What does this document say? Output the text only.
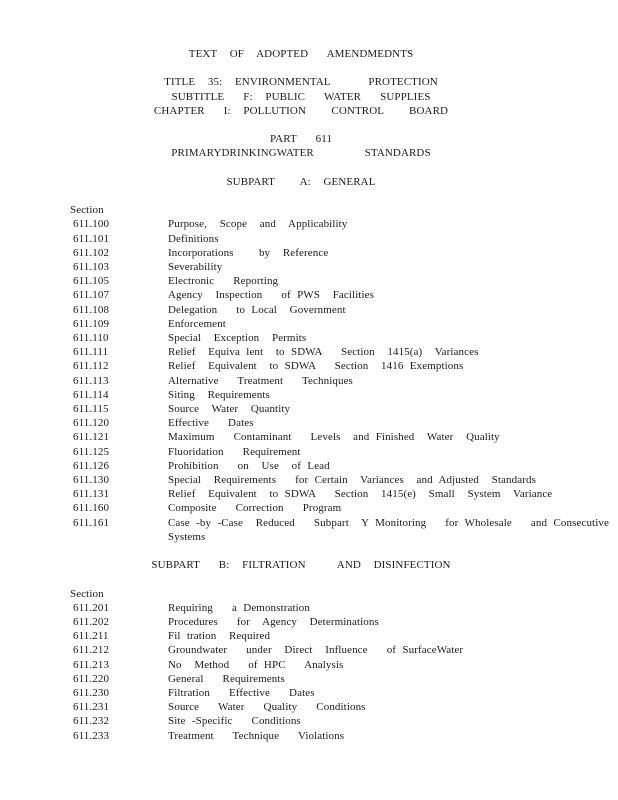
TEXT  OF  ADOPTED   AMENDMEDNTS
TITLE  35:  ENVIRONMENTAL      PROTECTION
SUBTITLE   F:  PUBLIC   WATER   SUPPLIES
CHAPTER   I:  POLLUTION    CONTROL    BOARD
PART   611
PRIMARYDRINKINGWATER        STANDARDS
SUBPART    A:  GENERAL
Section
611.100	Purpose,  Scope  and  Applicability
611.101	Definitions
611.102	Incorporations    by  Reference
611.103	Severability
611.105	Electronic   Reporting
611.107	Agency  Inspection   of PWS  Facilities
611.108	Delegation   to Local  Government
611.109	Enforcement
611.110	Special  Exception  Permits
611.111	Relief  Equiva lent  to SDWA   Section  1415(a)  Variances
611.112	Relief  Equivalent  to SDWA   Section  1416 Exemptions
611.113	Alternative   Treatment   Techniques
611.114	Siting  Requirements
611.115	Source  Water  Quantity
611.120	Effective   Dates
611.121	Maximum   Contaminant   Levels  and Finished  Water  Quality
611.125	Fluoridation   Requirement
611.126	Prohibition   on  Use  of Lead
611.130	Special  Requirements   for Certain  Variances  and Adjusted  Standards
611.131	Relief  Equivalent  to SDWA   Section  1415(e)  Small  System  Variance
611.160	Composite   Correction   Program
611.161	Case -by -Case  Reduced   Subpart  Y Monitoring   for Wholesale   and Consecutive
Systems
SUBPART   B:  FILTRATION     AND  DISINFECTION
Section
611.201	Requiring   a Demonstration
611.202	Procedures   for  Agency  Determinations
611.211	Fil tration  Required
611.212	Groundwater   under  Direct  Influence   of SurfaceWater
611.213	No  Method   of HPC   Analysis
611.220	General   Requirements
611.230	Filtration   Effective   Dates
611.231	Source   Water   Quality   Conditions
611.232	Site -Specific   Conditions
611.233	Treatment   Technique   Violations
